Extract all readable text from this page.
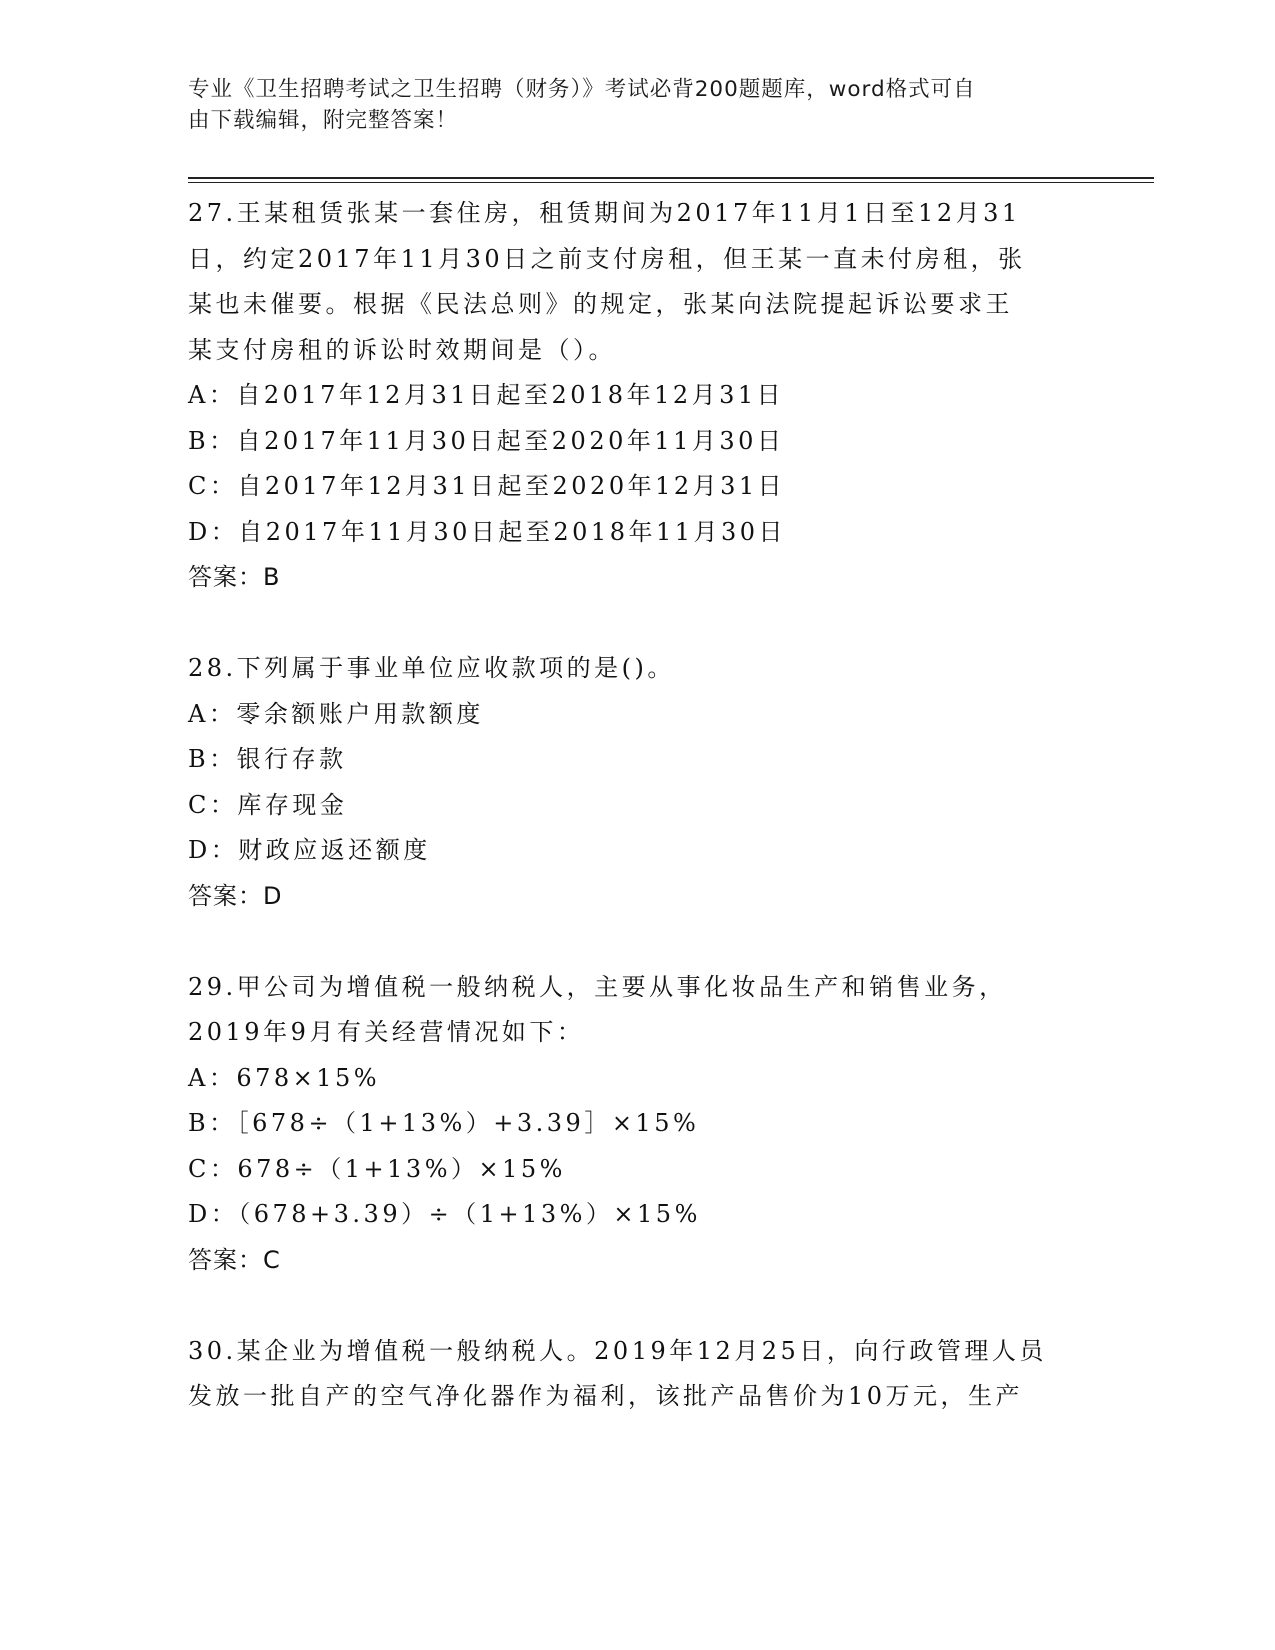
专业《卫生招聘考试之卫生招聘（财务）》考试必背200题题库，word格式可自
由下载编辑，附完整答案！
27.王某租赁张某一套住房，租赁期间为2017年11月1日至12月31
日，约定2017年11月30日之前支付房租，但王某一直未付房租，张
某也未催要。根据《民法总则》的规定，张某向法院提起诉讼要求王
某支付房租的诉讼时效期间是（）。
A：自2017年12月31日起至2018年12月31日
B：自2017年11月30日起至2020年11月30日
C：自2017年12月31日起至2020年12月31日
D：自2017年11月30日起至2018年11月30日
答案：B
28.下列属于事业单位应收款项的是()。
A：零余额账户用款额度
B：银行存款
C：库存现金
D：财政应返还额度
答案：D
29.甲公司为增值税一般纳税人，主要从事化妆品生产和销售业务，
2019年9月有关经营情况如下：
A：678×15%
B：［678÷（1+13%）+3.39］×15%
C：678÷（1+13%）×15%
D：（678+3.39）÷（1+13%）×15%
答案：C
30.某企业为增值税一般纳税人。2019年12月25日，向行政管理人员
发放一批自产的空气净化器作为福利，该批产品售价为10万元，生产
